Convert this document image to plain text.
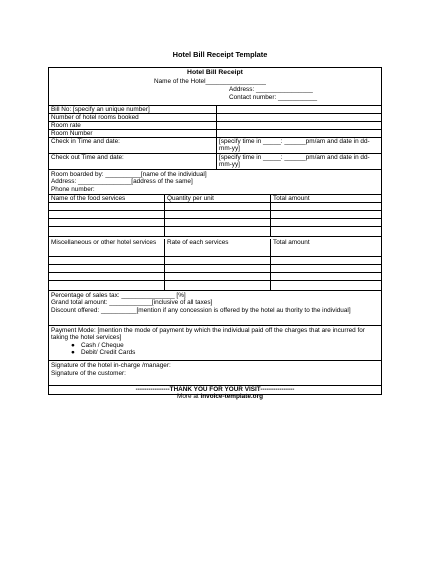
Hotel Bill Receipt Template
Hotel Bill Receipt
Name of the Hotel_________________
Address: ________________
Contact number: ___________
Bill No: [specify an unique number]
Number of hotel rooms booked
Room rate
Room Number
Check in Time and date:	[specify time in _____: ______pm/am and date in dd-mm-yy]
Check out Time and date:	[specify time in _____: ______pm/am and date in dd-mm-yy]
Room boarded by: __________[name of the individual]
Address: _______________[address of the same]
Phone number:
Name of the food services	Quantity per unit	Total amount
Miscellaneous or other hotel services	Rate of each services	Total amount
Percentage of sales tax: _______________ [%]
Grand total amount: ____________[inclusive of all taxes]
Discount offered: __________[mention if any concession is offered by the hotel au thority to the individual]
Payment Mode: [mention the mode of payment by which the individual paid off the charges that are incurred for taking the hotel services]
● Cash / Cheque
● Debit/ Credit Cards
Signature of the hotel in-charge /manager:
Signature of the customer:
----------------THANK YOU FOR YOUR VISIT----------------
More at invoice-template.org
